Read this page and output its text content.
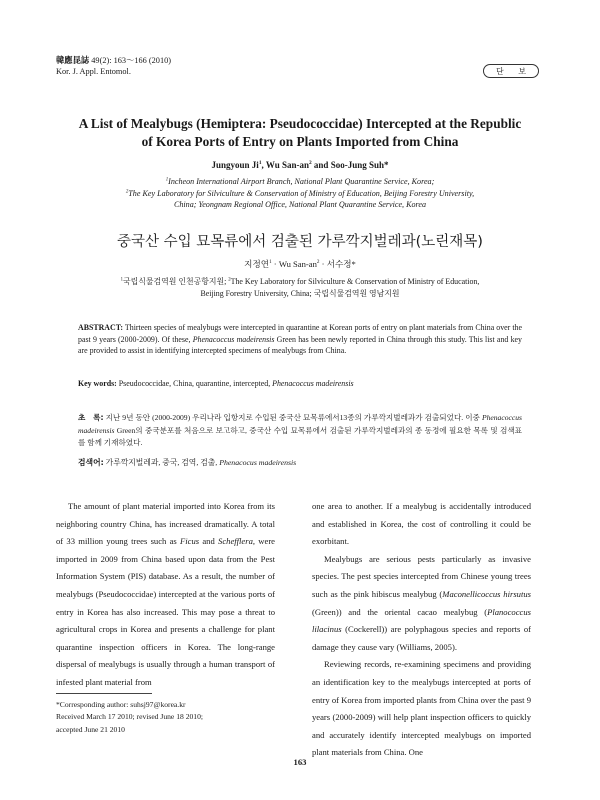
韓應昆誌 49(2): 163～166 (2010)
Kor. J. Appl. Entomol.	단 보
A List of Mealybugs (Hemiptera: Pseudococcidae) Intercepted at the Republic
of Korea Ports of Entry on Plants Imported from China
Jungyoun Ji$^1$, Wu San-$an^2$ and Soo-Jung Suh*
$^1$Incheon International Airport Branch, National Plant Quarantine Service, Korea;
$^2$The Key Laboratory for Silviculture & Conservation of Ministry of Education, Beijing Forestry University,
China; Yeongnam Regional Office, National Plant Quarantine Service, Korea
중국산 수입 묘목류에서 검출된 가루깍지벌레과(노린재목)
지정연$^1$ · Wu San-$an^2$ · 서수정*
$^1$국립식물검역원 인천공항지원; $^2$The Key Laboratory for Silviculture & Conservation of Ministry of Education,
Beijing Forestry University, China; 국립식물검역원 영남지원
ABSTRACT: Thirteen species of mealybugs were intercepted in quarantine at Korean ports of entry on plant materials from China over the past 9 years (2000-2009). Of these, Phenacoccus madeirensis Green has been newly reported in China through this study. This list and key are provided to assist in identifying intercepted specimens of mealybugs from China.
Key words: Pseudococcidae, China, quarantine, intercepted, Phenacoccus madeirensis
초　록: 지난 9년 동안 (2000-2009) 우리나라 입항지로 수입된 중국산 묘목류에서13종의 가루깍지벌레과가 검출되었다. 이중 Phenacoccus madeirensis Green의 중국분포를 처음으로 보고하고, 중국산 수입 묘목류에서 검출된 가루깍지벌레과의 종 동정에 필요한 목록 및 검색표를 함께 기재하였다.
검색어: 가루깍지벌레과, 중국, 검역, 검출, Phenacocus madeirensis

The amount of plant material imported into Korea from its neighboring country China, has increased dramatically. A total of 33 million young trees such as Ficus and Schefflera, were imported in 2009 from China based upon data from the Pest Information System (PIS) database. As a result, the number of mealybugs (Pseudococcidae) intercepted at the various ports of entry in Korea has also increased. This may pose a threat to agricultural crops in Korea and presents a challenge for plant quarantine inspection officers in Korea. The long-range dispersal of mealybugs is usually through a human transport of infested plant material from

one area to another. If a mealybug is accidentally introduced and established in Korea, the cost of controlling it could be exorbitant.

Mealybugs are serious pests particularly as invasive species. The pest species intercepted from Chinese young trees such as the pink hibiscus mealybug (Maconellicoccus hirsutus (Green)) and the oriental cacao mealybug (Planococcus lilacinus (Cockerell)) are polyphagous species and reports of damage they cause vary (Williams, 2005).

Reviewing records, re-examining specimens and providing an identification key to the mealybugs intercepted at ports of entry of Korea from imported plants from China over the past 9 years (2000-2009) will help plant inspection officers to quickly and accurately identify intercepted mealybugs on imported plant materials from China. One

*Corresponding author: suhsj97@korea.kr
Received March 17 2010; revised June 18 2010;
accepted June 21 2010
163
